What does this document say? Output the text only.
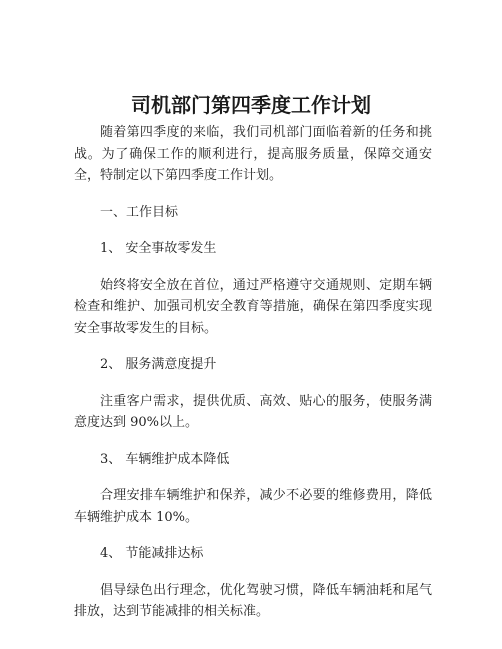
司机部门第四季度工作计划

随着第四季度的来临，我们司机部门面临着新的任务和挑战。为了确保工作的顺利进行，提高服务质量，保障交通安全，特制定以下第四季度工作计划。

一、工作目标

1、 安全事故零发生

始终将安全放在首位，通过严格遵守交通规则、定期车辆检查和维护、加强司机安全教育等措施，确保在第四季度实现安全事故零发生的目标。

2、 服务满意度提升

注重客户需求，提供优质、高效、贴心的服务，使服务满意度达到 90%以上。

3、 车辆维护成本降低

合理安排车辆维护和保养，减少不必要的维修费用，降低车辆维护成本 10%。

4、 节能减排达标

倡导绿色出行理念，优化驾驶习惯，降低车辆油耗和尾气排放，达到节能减排的相关标准。
